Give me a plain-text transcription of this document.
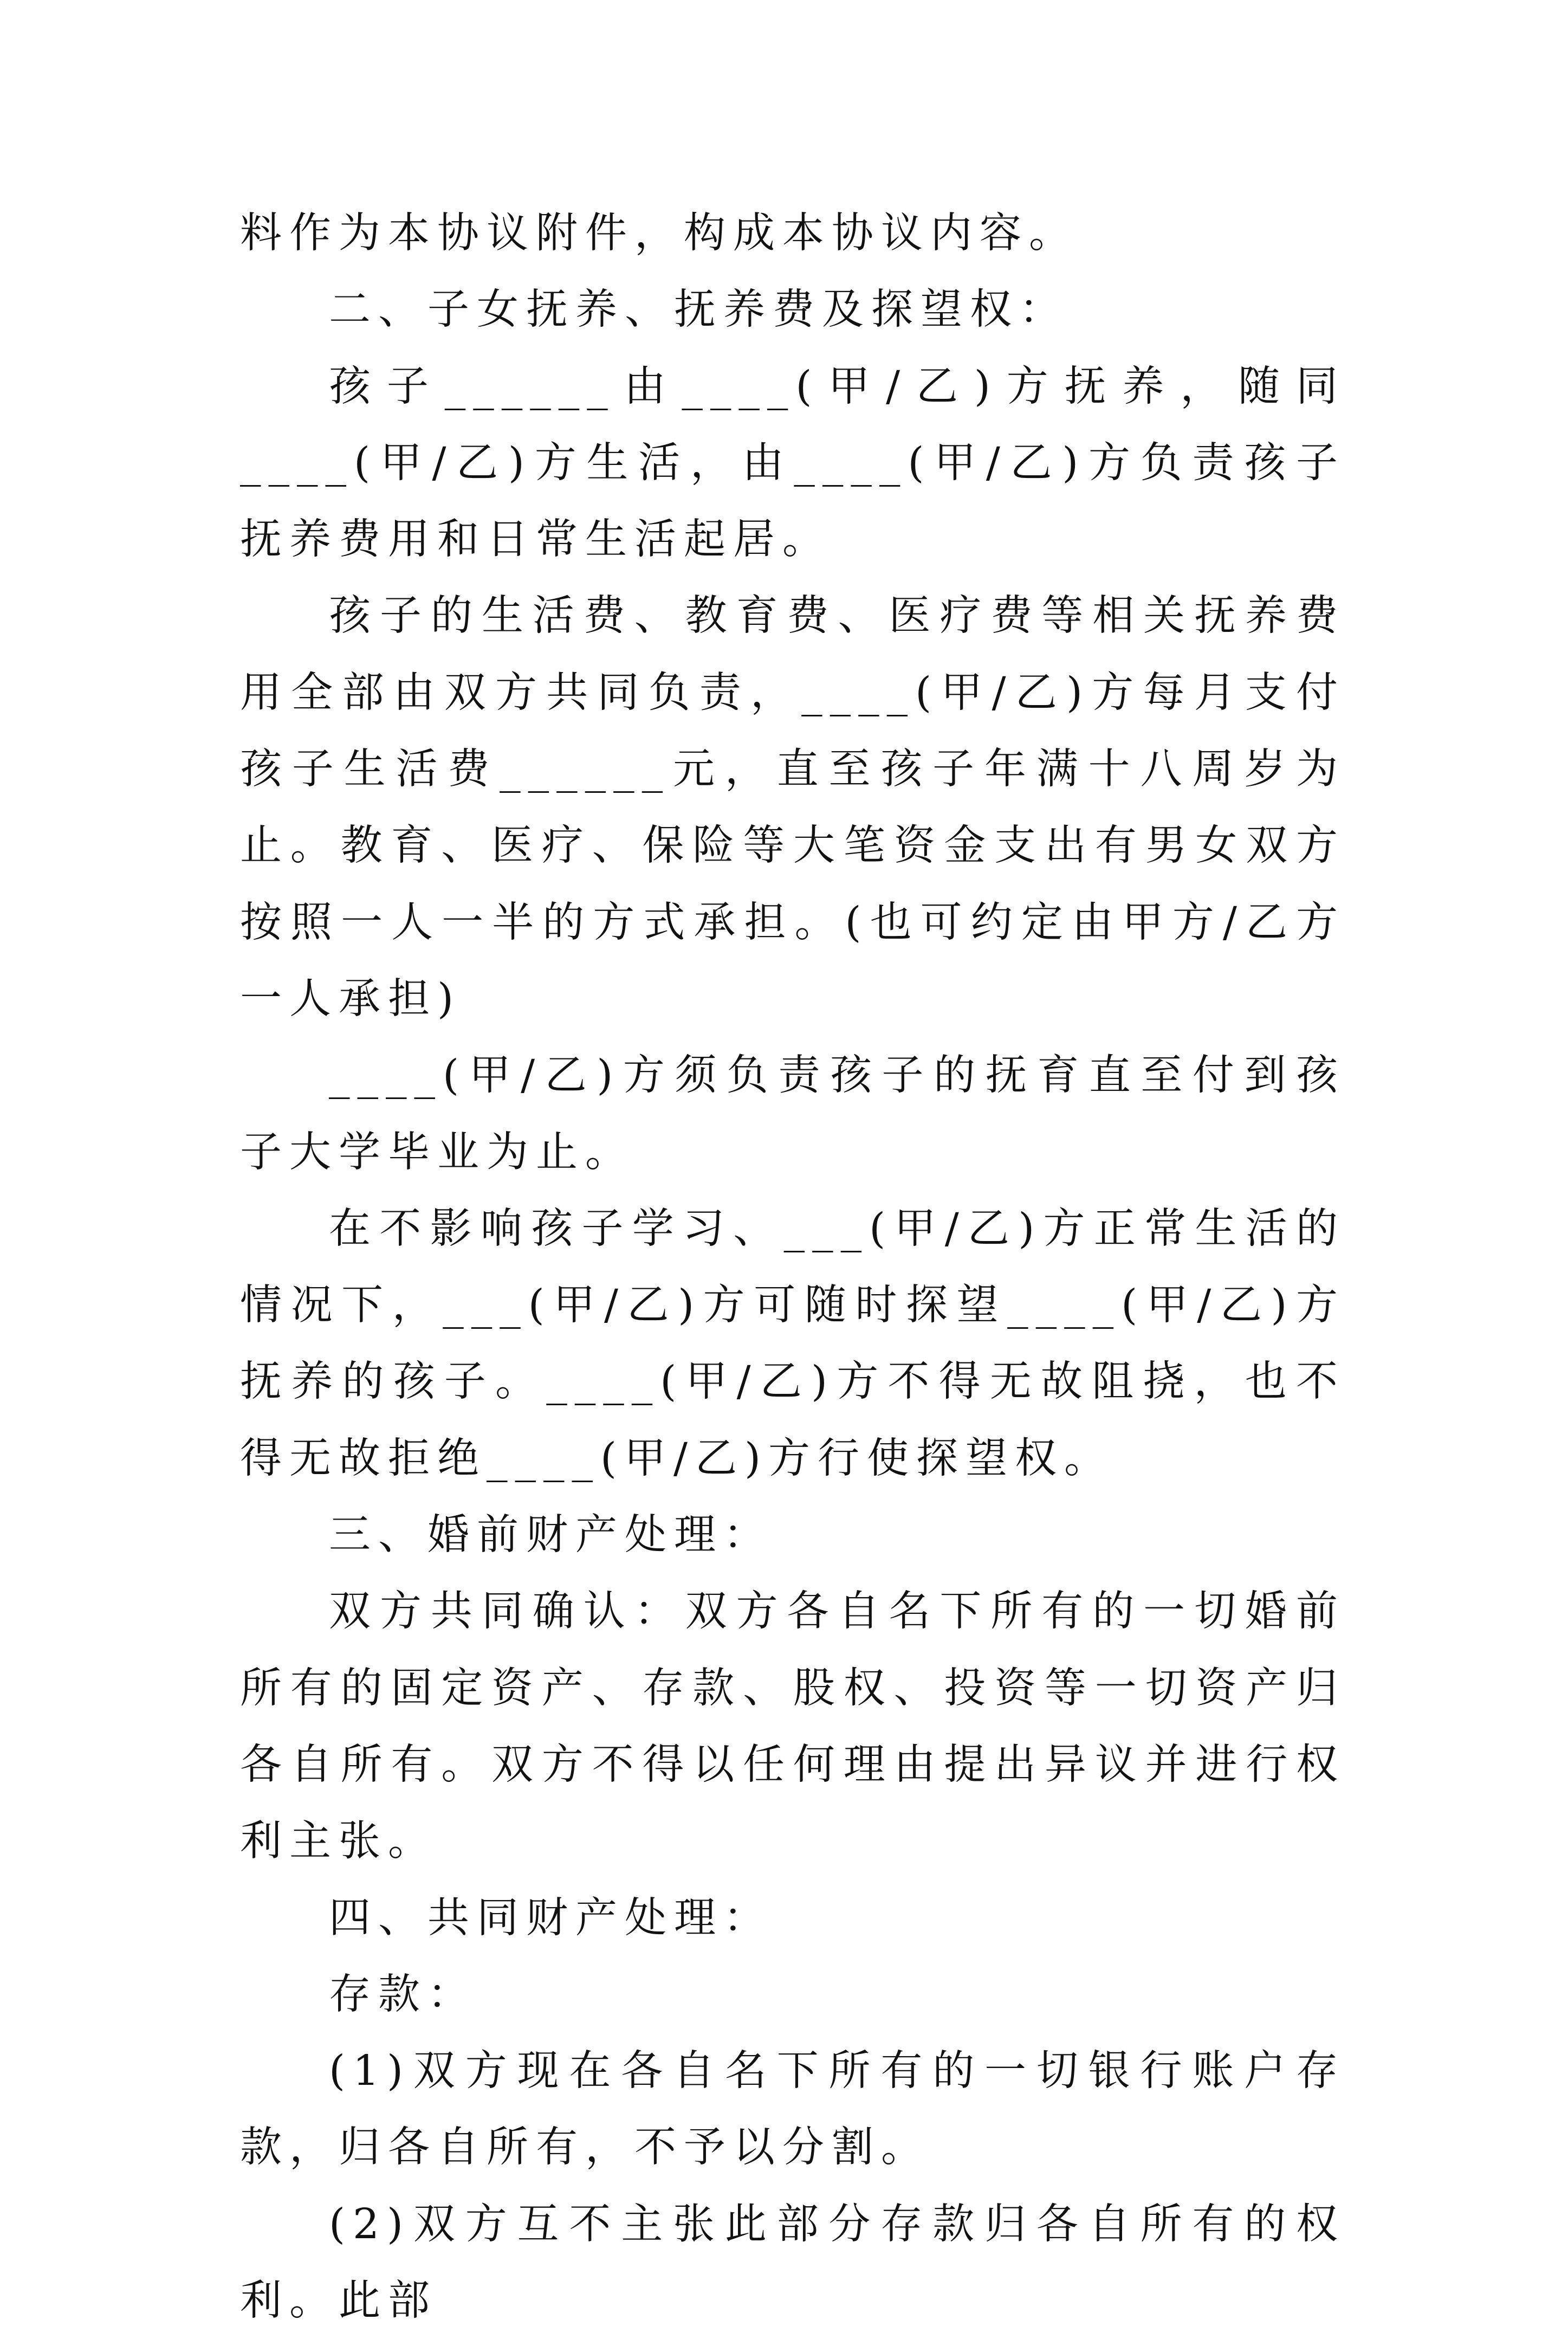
料作为本协议附件，构成本协议内容。

二、子女抚养、抚养费及探望权：

孩子______由____(甲/乙)方抚养，随同____(甲/乙)方生活，由____(甲/乙)方负责孩子抚养费用和日常生活起居。

孩子的生活费、教育费、医疗费等相关抚养费用全部由双方共同负责，____(甲/乙)方每月支付孩子生活费______元，直至孩子年满十八周岁为止。教育、医疗、保险等大笔资金支出有男女双方按照一人一半的方式承担。(也可约定由甲方/乙方一人承担)

____(甲/乙)方须负责孩子的抚育直至付到孩子大学毕业为止。

在不影响孩子学习、___(甲/乙)方正常生活的情况下，___(甲/乙)方可随时探望____(甲/乙)方抚养的孩子。____(甲/乙)方不得无故阻挠，也不得无故拒绝____(甲/乙)方行使探望权。

三、婚前财产处理：

双方共同确认：双方各自名下所有的一切婚前所有的固定资产、存款、股权、投资等一切资产归各自所有。双方不得以任何理由提出异议并进行权利主张。

四、共同财产处理：

存款：

(1)双方现在各自名下所有的一切银行账户存款，归各自所有，不予以分割。

(2)双方互不主张此部分存款归各自所有的权利。此部
